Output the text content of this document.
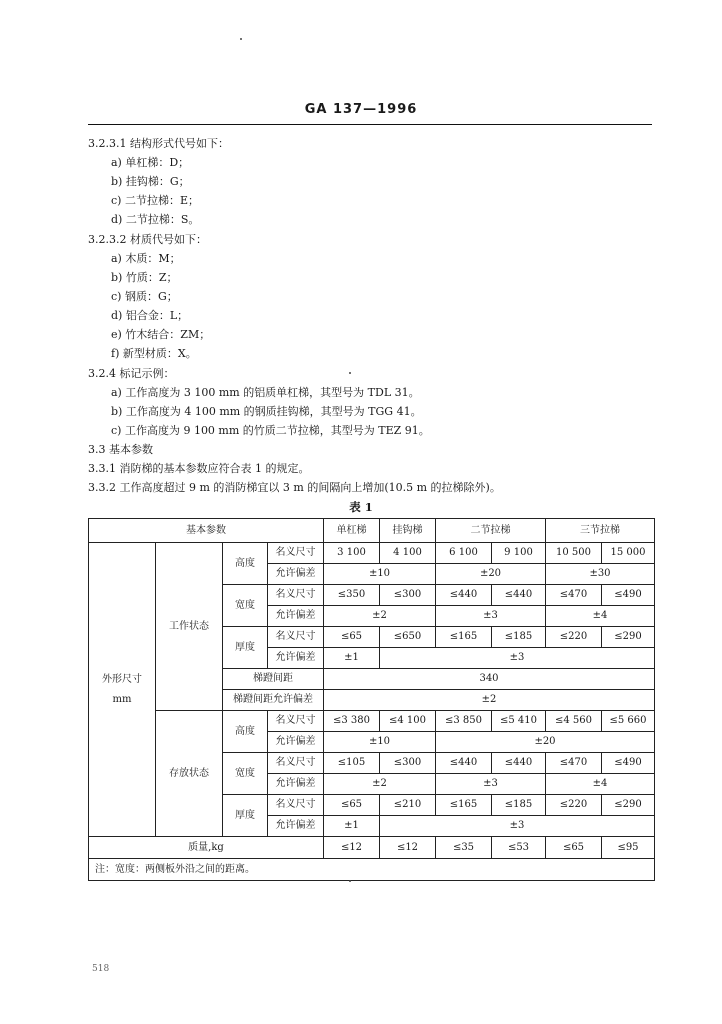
GA 137—1996
3.2.3.1 结构形式代号如下：
a) 单杠梯：D；
b) 挂钩梯：G；
c) 二节拉梯：E；
d) 二节拉梯：S。
3.2.3.2 材质代号如下：
a) 木质：M；
b) 竹质：Z；
c) 钢质：G；
d) 铝合金：L；
e) 竹木结合：ZM；
f) 新型材质：X。
3.2.4 标记示例：
a) 工作高度为 3 100 mm 的铝质单杠梯，其型号为 TDL 31。
b) 工作高度为 4 100 mm 的钢质挂钩梯，其型号为 TGG 41。
c) 工作高度为 9 100 mm 的竹质二节拉梯，其型号为 TEZ 91。
3.3 基本参数
3.3.1 消防梯的基本参数应符合表 1 的规定。
3.3.2 工作高度超过 9 m 的消防梯宜以 3 m 的间隔向上增加(10.5 m 的拉梯除外)。
表 1
基本参数				单杠梯	挂钩梯	二节拉梯		三节拉梯	

外形尺寸
mm	工作状态	高度	名义尺寸	3 100	4 100	6 100	9 100	10 500	15 000
			允许偏差	±10		±20		±30	
		宽度	名义尺寸	≤350	≤300	≤440	≤440	≤470	≤490
			允许偏差	±2		±3		±4	
		厚度	名义尺寸	≤65	≤650	≤165	≤185	≤220	≤290
			允许偏差	±1	±3				
		梯蹬间距		340					
		梯蹬间距允许偏差		±2					
	存放状态	高度	名义尺寸	≤3 380	≤4 100	≤3 850	≤5 410	≤4 560	≤5 660
			允许偏差	±10		±20			
		宽度	名义尺寸	≤105	≤300	≤440	≤440	≤470	≤490
			允许偏差	±2		±3		±4	
		厚度	名义尺寸	≤65	≤210	≤165	≤185	≤220	≤290
			允许偏差	±1	±3				
质量,kg				≤12	≤12	≤35	≤53	≤65	≤95
注：宽度：两侧板外沿之间的距离。									
518
